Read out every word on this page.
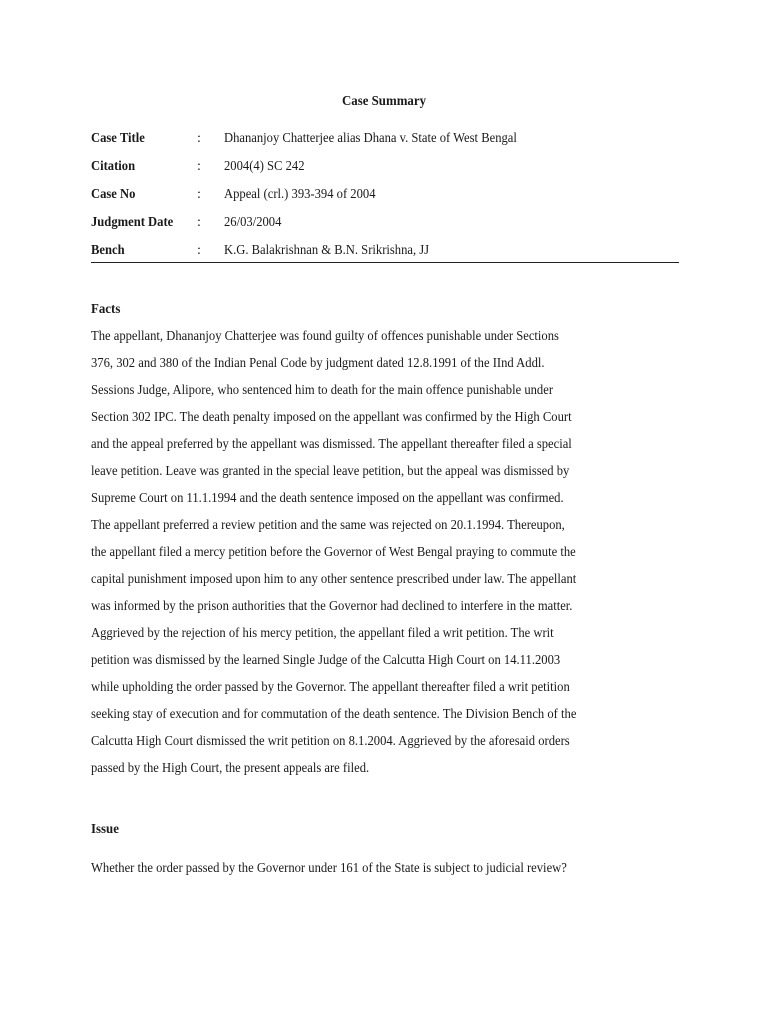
Case Summary
Case Title	: Dhananjoy Chatterjee alias Dhana v. State of West Bengal
Citation	: 2004(4) SC 242
Case No	: Appeal (crl.) 393-394 of 2004
Judgment Date : 26/03/2004
Bench	: K.G. Balakrishnan & B.N. Srikrishna, JJ
Facts
The appellant, Dhananjoy Chatterjee was found guilty of offences punishable under Sections
376, 302 and 380 of the Indian Penal Code by judgment dated 12.8.1991 of the IInd Addl.
Sessions Judge, Alipore, who sentenced him to death for the main offence punishable under
Section 302 IPC. The death penalty imposed on the appellant was confirmed by the High Court
and the appeal preferred by the appellant was dismissed. The appellant thereafter filed a special
leave petition. Leave was granted in the special leave petition, but the appeal was dismissed by
Supreme Court on 11.1.1994 and the death sentence imposed on the appellant was confirmed.
The appellant preferred a review petition and the same was rejected on 20.1.1994. Thereupon,
the appellant filed a mercy petition before the Governor of West Bengal praying to commute the
capital punishment imposed upon him to any other sentence prescribed under law. The appellant
was informed by the prison authorities that the Governor had declined to interfere in the matter.
Aggrieved by the rejection of his mercy petition, the appellant filed a writ petition. The writ
petition was dismissed by the learned Single Judge of the Calcutta High Court on 14.11.2003
while upholding the order passed by the Governor. The appellant thereafter filed a writ petition
seeking stay of execution and for commutation of the death sentence. The Division Bench of the
Calcutta High Court dismissed the writ petition on 8.1.2004. Aggrieved by the aforesaid orders
passed by the High Court, the present appeals are filed.
Issue
Whether the order passed by the Governor under 161 of the State is subject to judicial review?
